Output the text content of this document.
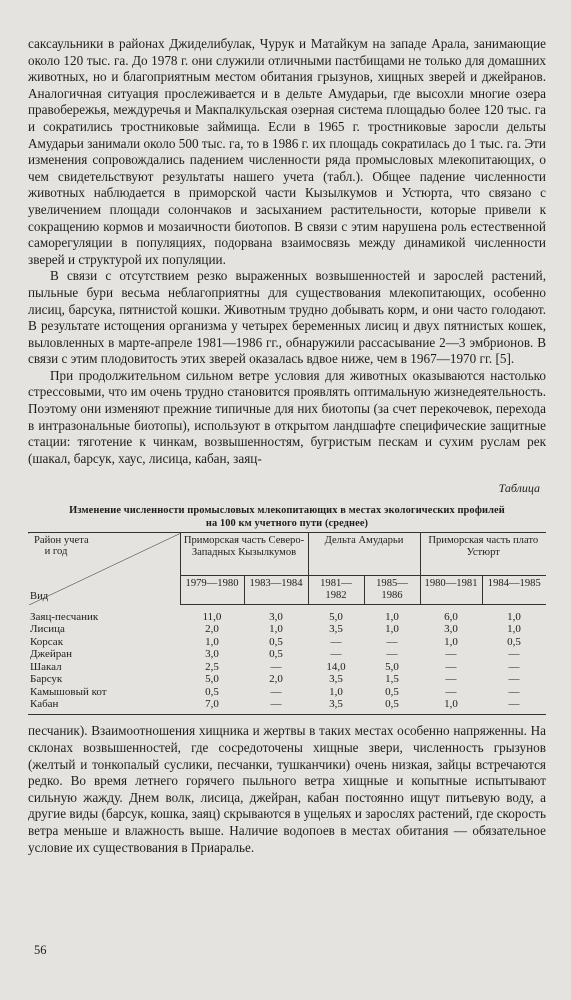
саксаульники в районах Джиделибулак, Чурук и Матайкум на западе Арала, занимающие около 120 тыс. га. До 1978 г. они служили отличными пастбищами не только для домашних животных, но и благоприятным местом обитания грызунов, хищных зверей и джейранов. Аналогичная ситуация прослеживается и в дельте Амударьи, где высохли многие озера правобережья, междуречья и Макпалкульская озерная система площадью более 120 тыс. га и сократились тростниковые займища. Если в 1965 г. тростниковые заросли дельты Амударьи занимали около 500 тыс. га, то в 1986 г. их площадь сократилась до 1 тыс. га. Эти изменения сопровождались падением численности ряда промысловых млекопитающих, о чем свидетельствуют результаты нашего учета (табл.). Общее падение численности животных наблюдается в приморской части Кызылкумов и Устюрта, что связано с увеличением площади солончаков и засыханием растительности, которые привели к сокращению кормов и мозаичности биотопов. В связи с этим нарушена роль естественной саморегуляции в популяциях, подорвана взаимосвязь между динамикой численности зверей и структурой их популяции.

В связи с отсутствием резко выраженных возвышенностей и зарослей растений, пыльные бури весьма неблагоприятны для существования млекопитающих, особенно лисиц, барсука, пятнистой кошки. Животным трудно добывать корм, и они часто голодают. В результате истощения организма у четырех беременных лисиц и двух пятнистых кошек, выловленных в марте-апреле 1981—1986 гг., обнаружили рассасывание 2—3 эмбрионов. В связи с этим плодовитость этих зверей оказалась вдвое ниже, чем в 1967—1970 гг. [5].

При продолжительном сильном ветре условия для животных оказываются настолько стрессовыми, что им очень трудно становится проявлять оптимальную жизнедеятельность. Поэтому они изменяют прежние типичные для них биотопы (за счет перекочевок, перехода в интразональные биотопы), используют в открытом ландшафте специфические защитные стации: тяготение к чинкам, возвышенностям, бугристым пескам и сухим руслам рек (шакал, барсук, хаус, лисица, кабан, заяц-

Таблица
Изменение численности промысловых млекопитающих в местах экологических профилей
на 100 км учетного пути (среднее)
Район учета
и год
Вид	Приморская часть Северо-Западных Кызылкумов		Дельта Амударьи		Приморская часть плато Устюрт	
	1979—1980	1983—1984	1981—1982	1985—1986	1980—1981	1984—1985

Заяц-песчаник	11,0	3,0	5,0	1,0	6,0	1,0
Лисица	2,0	1,0	3,5	1,0	3,0	1,0
Корсак	1,0	0,5	—	—	1,0	0,5
Джейран	3,0	0,5	—	—	—	—
Шакал	2,5	—	14,0	5,0	—	—
Барсук	5,0	2,0	3,5	1,5	—	—
Камышовый кот	0,5	—	1,0	0,5	—	—
Кабан	7,0	—	3,5	0,5	1,0	—

песчаник). Взаимоотношения хищника и жертвы в таких местах особенно напряженны. На склонах возвышенностей, где сосредоточены хищные звери, численность грызунов (желтый и тонкопалый суслики, песчанки, тушканчики) очень низкая, зайцы встречаются редко. Во время летнего горячего пыльного ветра хищные и копытные испытывают сильную жажду. Днем волк, лисица, джейран, кабан постоянно ищут питьевую воду, а другие виды (барсук, кошка, заяц) скрываются в ущельях и зарослях растений, где скорость ветра меньше и влажность выше. Наличие водопоев в местах обитания — обязательное условие их существования в Приаралье.

56
